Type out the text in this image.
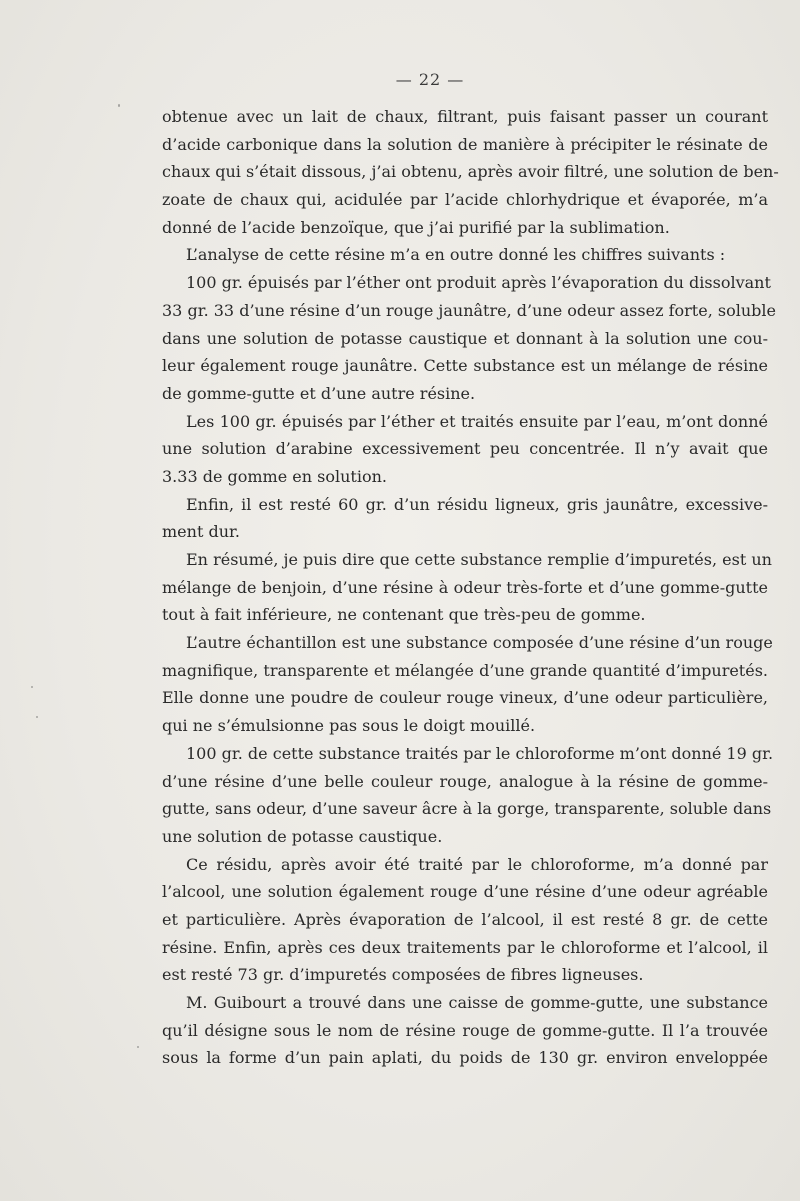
— 22 —
obtenue avec un lait de chaux, filtrant, puis faisant passer un courant
d’acide carbonique dans la solution de manière à précipiter le résinate de
chaux qui s’était dissous, j’ai obtenu, après avoir filtré, une solution de ben-
zoate de chaux qui, acidulée par l’acide chlorhydrique et évaporée, m’a
donné de l’acide benzoïque, que j’ai purifié par la sublimation.
L’analyse de cette résine m’a en outre donné les chiffres suivants :
100 gr. épuisés par l’éther ont produit après l’évaporation du dissolvant
33 gr. 33 d’une résine d’un rouge jaunâtre, d’une odeur assez forte, soluble
dans une solution de potasse caustique et donnant à la solution une cou-
leur également rouge jaunâtre. Cette substance est un mélange de résine
de gomme-gutte et d’une autre résine.
Les 100 gr. épuisés par l’éther et traités ensuite par l’eau, m’ont donné
une solution d’arabine excessivement peu concentrée. Il n’y avait que
3.33 de gomme en solution.
Enfin, il est resté 60 gr. d’un résidu ligneux, gris jaunâtre, excessive-
ment dur.
En résumé, je puis dire que cette substance remplie d’impuretés, est un
mélange de benjoin, d’une résine à odeur très-forte et d’une gomme-gutte
tout à fait inférieure, ne contenant que très-peu de gomme.
L’autre échantillon est une substance composée d’une résine d’un rouge
magnifique, transparente et mélangée d’une grande quantité d’impuretés.
Elle donne une poudre de couleur rouge vineux, d’une odeur particulière,
qui ne s’émulsionne pas sous le doigt mouillé.
100 gr. de cette substance traités par le chloroforme m’ont donné 19 gr.
d’une résine d’une belle couleur rouge, analogue à la résine de gomme-
gutte, sans odeur, d’une saveur âcre à la gorge, transparente, soluble dans
une solution de potasse caustique.
Ce résidu, après avoir été traité par le chloroforme, m’a donné par
l’alcool, une solution également rouge d’une résine d’une odeur agréable
et particulière. Après évaporation de l’alcool, il est resté 8 gr. de cette
résine. Enfin, après ces deux traitements par le chloroforme et l’alcool, il
est resté 73 gr. d’impuretés composées de fibres ligneuses.
M. Guibourt a trouvé dans une caisse de gomme-gutte, une substance
qu’il désigne sous le nom de résine rouge de gomme-gutte. Il l’a trouvée
sous la forme d’un pain aplati, du poids de 130 gr. environ enveloppée
